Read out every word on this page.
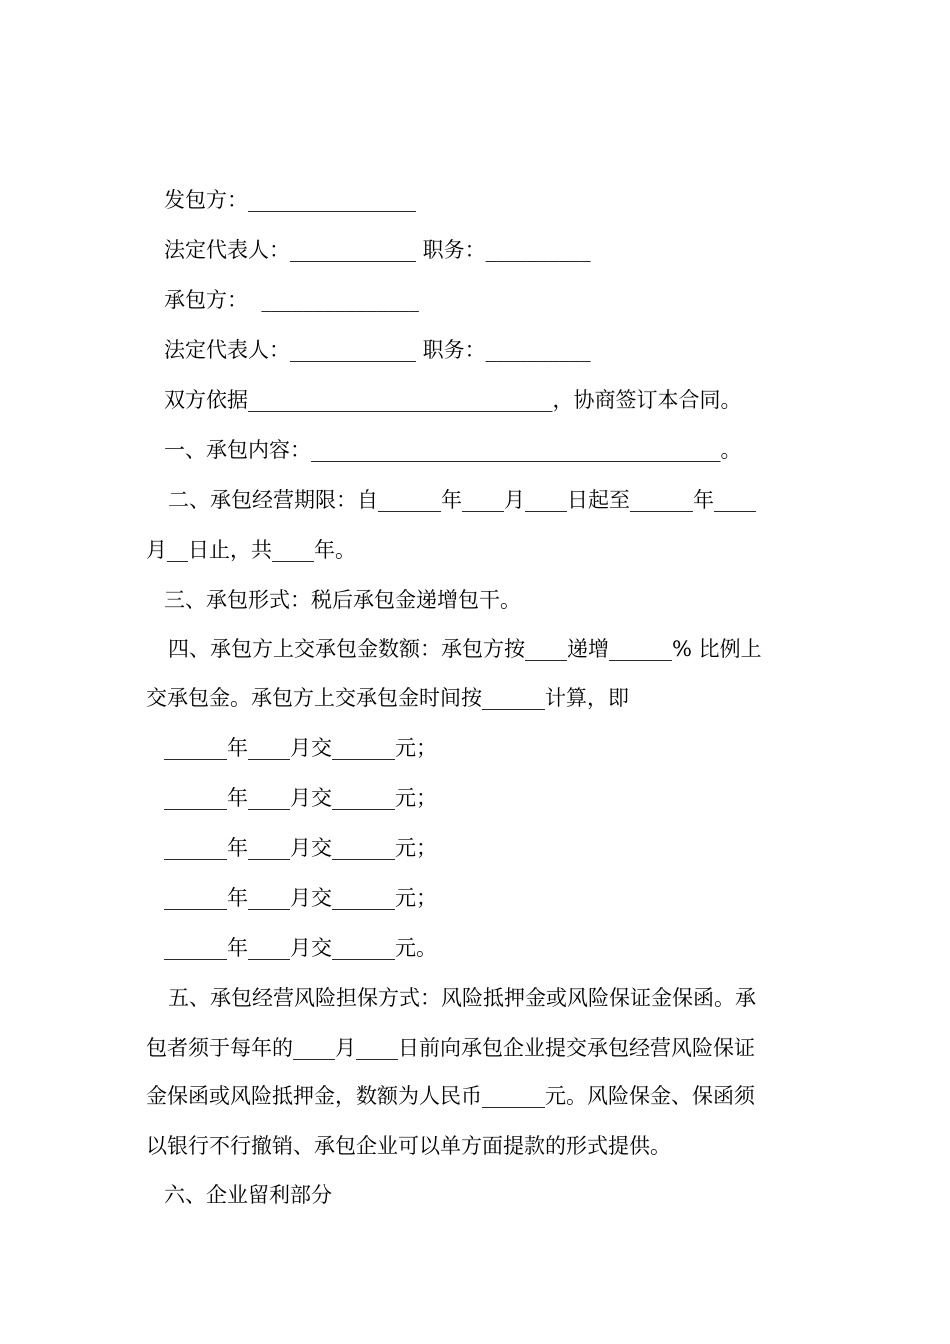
发包方：________________

法定代表人：____________ 职务：__________

承包方：  _______________

法定代表人：____________ 职务：__________

双方依据_____________________________，协商签订本合同。

一、承包内容：_______________________________________。

二、承包经营期限：自______年____月____日起至______年____

月__日止，共____年。

三、承包形式：税后承包金递增包干。

四、承包方上交承包金数额：承包方按____递增______% 比例上

交承包金。承包方上交承包金时间按______计算，即

______年____月交______元；

______年____月交______元；

______年____月交______元；

______年____月交______元；

______年____月交______元。

五、承包经营风险担保方式：风险抵押金或风险保证金保函。承

包者须于每年的____月____日前向承包企业提交承包经营风险保证

金保函或风险抵押金，数额为人民币______元。风险保金、保函须

以银行不行撤销、承包企业可以单方面提款的形式提供。

六、企业留利部分
